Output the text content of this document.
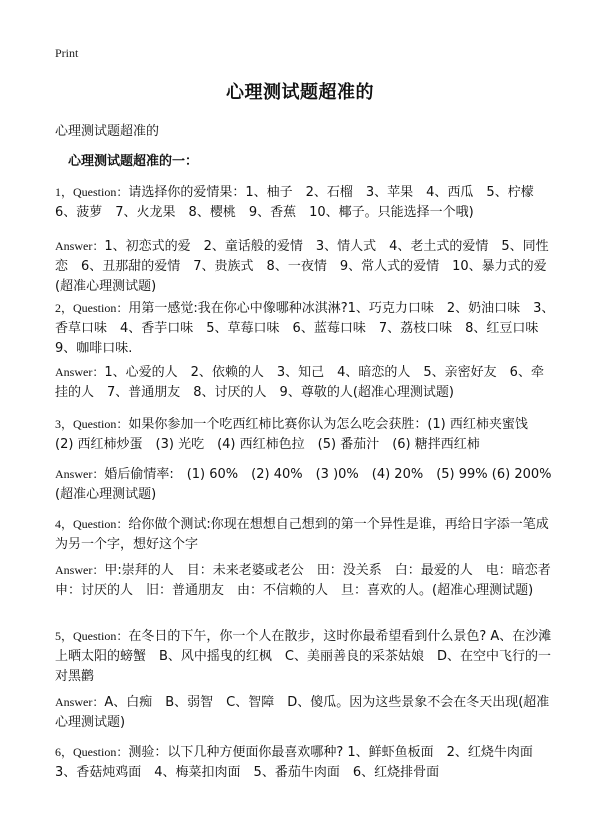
Print
心理测试题超准的
心理测试题超准的
心理测试题超准的一：
1，Question：请选择你的爱情果：1、柚子　2、石榴　3、苹果　4、西瓜　5、柠檬　6、菠萝　7、火龙果　8、樱桃　9、香蕉　10、椰子。只能选择一个哦)
Answer：1、初恋式的爱　2、童话般的爱情　3、情人式　4、老土式的爱情　5、同性恋　6、丑那甜的爱情　7、贵族式　8、一夜情　9、常人式的爱情　10、暴力式的爱(超准心理测试题)
2，Question：用第一感觉:我在你心中像哪种冰淇淋?1、巧克力口味　2、奶油口味　3、香草口味　4、香芋口味　5、草莓口味　6、蓝莓口味　7、荔枝口味　8、红豆口味　9、咖啡口味.
Answer：1、心爱的人　2、依赖的人　3、知己　4、暗恋的人　5、亲密好友　6、牵挂的人　7、普通朋友　8、讨厌的人　9、尊敬的人(超准心理测试题)
3，Question：如果你参加一个吃西红柿比赛你认为怎么吃会获胜：(1) 西红柿夹蜜饯　(2) 西红柿炒蛋　(3) 光吃　(4) 西红柿色拉　(5) 番茄汁　(6) 糖拌西红柿
Answer：婚后偷情率:　(1) 60%　(2) 40%　(3 )0%　(4) 20%　(5) 99% (6) 200%(超准心理测试题)
4，Question：给你做个测试:你现在想想自己想到的第一个异性是谁，再给日字添一笔成为另一个字，想好这个字
Answer：甲:崇拜的人　目：未来老婆或老公　田：没关系　白：最爱的人　电：暗恋者　申：讨厌的人　旧：普通朋友　由：不信赖的人　旦：喜欢的人。(超准心理测试题)
5，Question：在冬日的下午，你一个人在散步，这时你最希望看到什么景色? A、在沙滩上晒太阳的螃蟹　B、风中摇曳的红枫　C、美丽善良的采茶姑娘　D、在空中飞行的一对黑鹳
Answer：A、白痴　B、弱智　C、智障　D、傻瓜。因为这些景象不会在冬天出现(超准心理测试题)
6，Question：测验：以下几种方便面你最喜欢哪种? 1、鲜虾鱼板面　2、红烧牛肉面　3、香菇炖鸡面　4、梅菜扣肉面　5、番茄牛肉面　6、红烧排骨面
